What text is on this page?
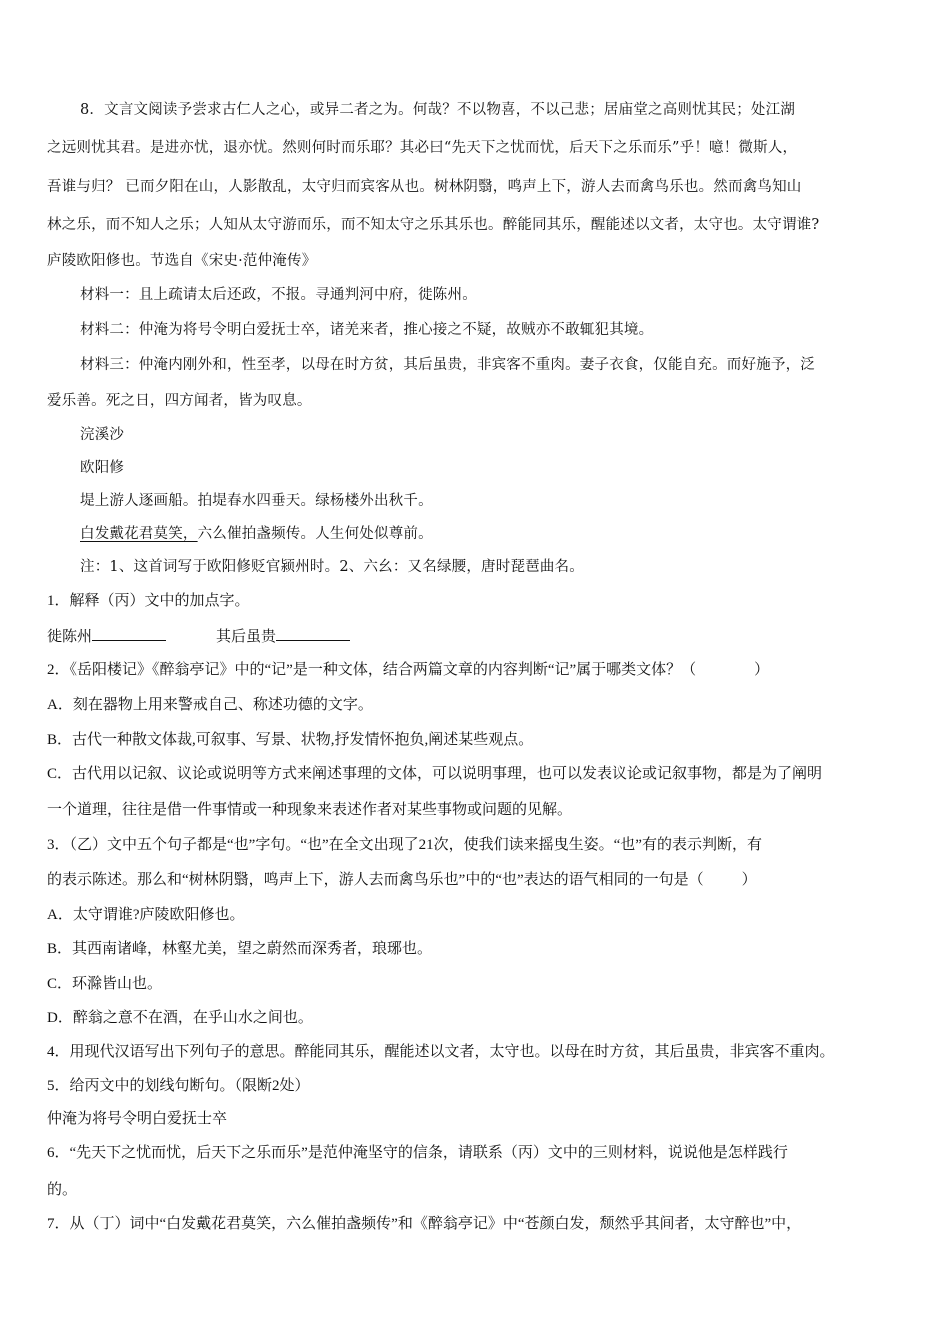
8．文言文阅读予尝求古仁人之心，或异二者之为。何哉？不以物喜，不以己悲；居庙堂之高则忧其民；处江湖
之远则忧其君。是进亦忧，退亦忧。然则何时而乐耶？其必曰“先天下之忧而忧，后天下之乐而乐”乎！噫！微斯人，
吾谁与归？ 已而夕阳在山，人影散乱，太守归而宾客从也。树林阴翳，鸣声上下，游人去而禽鸟乐也。然而禽鸟知山
林之乐，而不知人之乐；人知从太守游而乐，而不知太守之乐其乐也。醉能同其乐，醒能述以文者，太守也。太守谓谁?
庐陵欧阳修也。节选自《宋史·范仲淹传》
材料一：且上疏请太后还政，不报。寻通判河中府，徙陈州。
材料二：仲淹为将号令明白爱抚士卒，诸羌来者，推心接之不疑，故贼亦不敢辄犯其境。
材料三：仲淹内刚外和，性至孝，以母在时方贫，其后虽贵，非宾客不重肉。妻子衣食，仅能自充。而好施予，泛
爱乐善。死之日，四方闻者，皆为叹息。
浣溪沙
欧阳修
堤上游人逐画船。拍堤春水四垂天。绿杨楼外出秋千。
白发戴花君莫笑，六么催拍盏频传。人生何处似尊前。
注：1、这首词写于欧阳修贬官颍州时。2、六幺：又名绿腰，唐时琵琶曲名。
1．解释（丙）文中的加点字。
徙陈州	其后虽贵
2．《岳阳楼记》《醉翁亭记》中的“记”是一种文体，结合两篇文章的内容判断“记”属于哪类文体？（	）
A．刻在器物上用来警戒自己、称述功德的文字。
B．古代一种散文体裁,可叙事、写景、状物,抒发情怀抱负,阐述某些观点。
C．古代用以记叙、议论或说明等方式来阐述事理的文体，可以说明事理，也可以发表议论或记叙事物，都是为了阐明
一个道理，往往是借一件事情或一种现象来表述作者对某些事物或问题的见解。
3．（乙）文中五个句子都是“也”字句。“也”在全文出现了21次，使我们读来摇曳生姿。“也”有的表示判断，有
的表示陈述。那么和“树林阴翳，鸣声上下，游人去而禽鸟乐也”中的“也”表达的语气相同的一句是（	）
A．太守谓谁?庐陵欧阳修也。
B．其西南诸峰，林壑尤美，望之蔚然而深秀者，琅琊也。
C．环滁皆山也。
D．醉翁之意不在酒，在乎山水之间也。
4．用现代汉语写出下列句子的意思。醉能同其乐，醒能述以文者，太守也。以母在时方贫，其后虽贵，非宾客不重肉。
5．给丙文中的划线句断句。（限断2处）
仲淹为将号令明白爱抚士卒
6．“先天下之忧而忧，后天下之乐而乐”是范仲淹坚守的信条，请联系（丙）文中的三则材料，说说他是怎样践行
的。
7．从（丁）词中“白发戴花君莫笑，六么催拍盏频传”和《醉翁亭记》中“苍颜白发，颓然乎其间者，太守醉也”中，
